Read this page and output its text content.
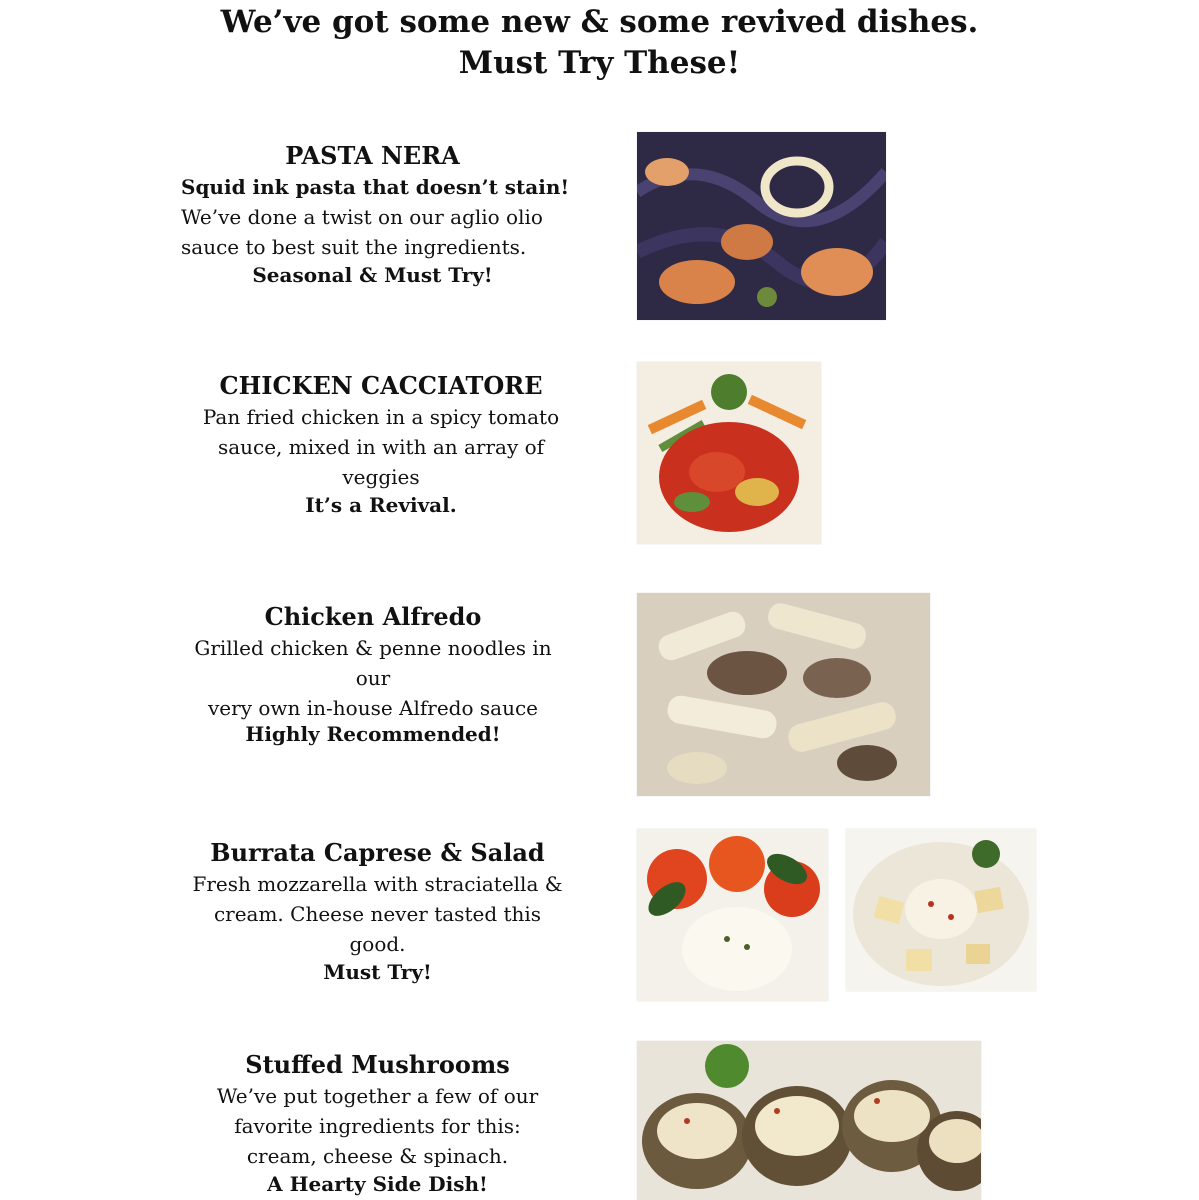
We’ve got some new & some revived dishes.
Must Try These!
PASTA NERA
Squid ink pasta that doesn’t stain!
We’ve done a twist on our aglio olio
sauce to best suit the ingredients.
Seasonal & Must Try!
CHICKEN CACCIATORE
Pan fried chicken in a spicy tomato
sauce, mixed in with an array of
veggies
It’s a Revival.
Chicken Alfredo
Grilled chicken & penne noodles in our
very own in-house Alfredo sauce
Highly Recommended!
Burrata Caprese & Salad
Fresh mozzarella with straciatella &
cream. Cheese never tasted this
good.
Must Try!
Stuffed Mushrooms
We’ve put together a few of our
favorite ingredients for this:
cream, cheese & spinach.
A Hearty Side Dish!
